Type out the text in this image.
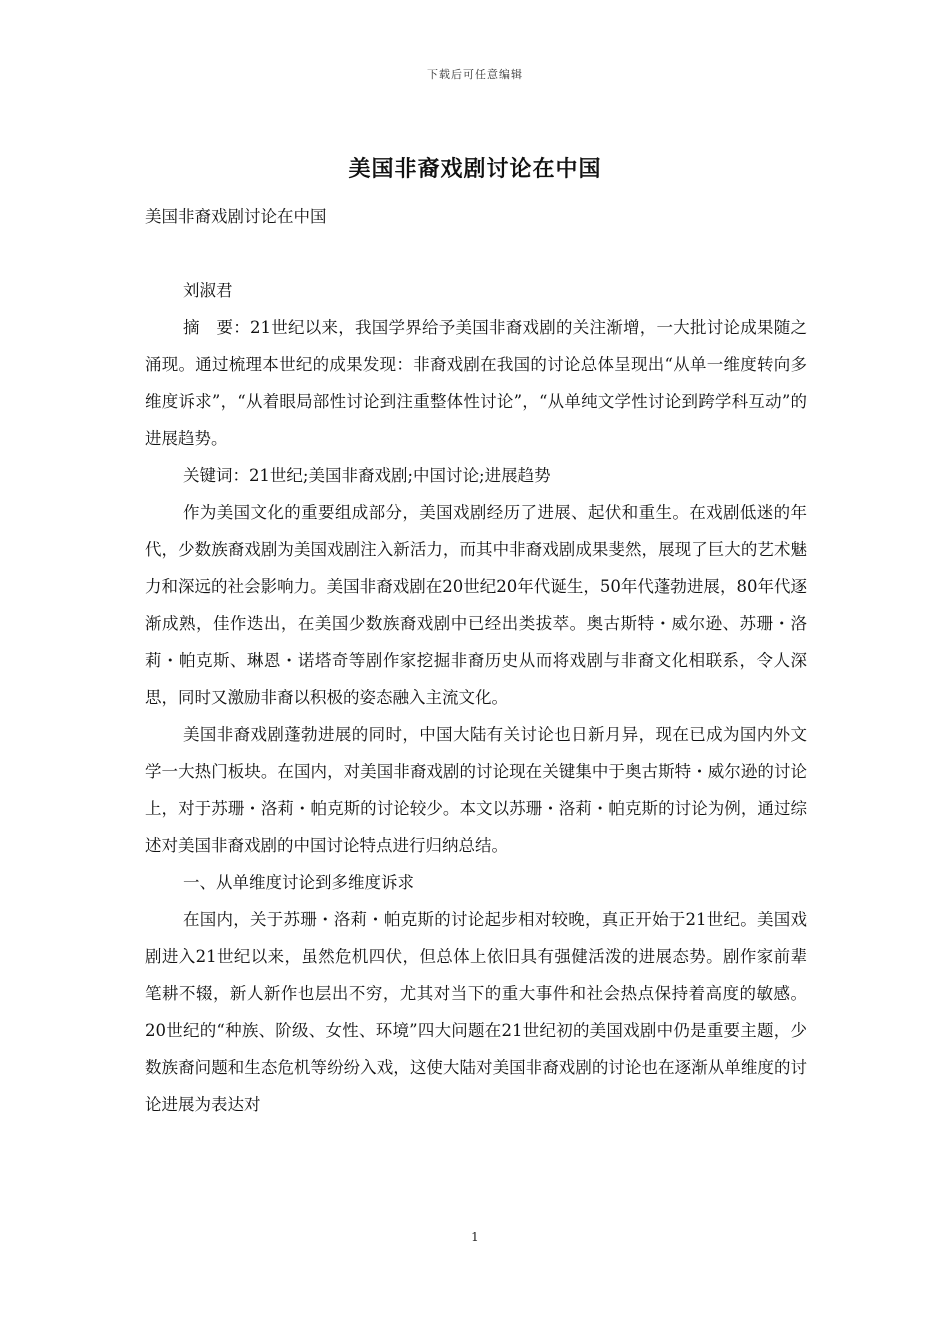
下载后可任意编辑
美国非裔戏剧讨论在中国

美国非裔戏剧讨论在中国

刘淑君

摘　要：21世纪以来，我国学界给予美国非裔戏剧的关注渐增，一大批讨论成果随之涌现。通过梳理本世纪的成果发现：非裔戏剧在我国的讨论总体呈现出“从单一维度转向多维度诉求”，“从着眼局部性讨论到注重整体性讨论”，“从单纯文学性讨论到跨学科互动”的进展趋势。

关键词：21世纪;美国非裔戏剧;中国讨论;进展趋势

作为美国文化的重要组成部分，美国戏剧经历了进展、起伏和重生。在戏剧低迷的年代，少数族裔戏剧为美国戏剧注入新活力，而其中非裔戏剧成果斐然，展现了巨大的艺术魅力和深远的社会影响力。美国非裔戏剧在20世纪20年代诞生，50年代蓬勃进展，80年代逐渐成熟，佳作迭出，在美国少数族裔戏剧中已经出类拔萃。奥古斯特・威尔逊、苏珊・洛莉・帕克斯、琳恩・诺塔奇等剧作家挖掘非裔历史从而将戏剧与非裔文化相联系，令人深思，同时又激励非裔以积极的姿态融入主流文化。

美国非裔戏剧蓬勃进展的同时，中国大陆有关讨论也日新月异，现在已成为国内外文学一大热门板块。在国内，对美国非裔戏剧的讨论现在关键集中于奥古斯特・威尔逊的讨论上，对于苏珊・洛莉・帕克斯的讨论较少。本文以苏珊・洛莉・帕克斯的讨论为例，通过综述对美国非裔戏剧的中国讨论特点进行归纳总结。

一、从单维度讨论到多维度诉求

在国内，关于苏珊・洛莉・帕克斯的讨论起步相对较晚，真正开始于21世纪。美国戏剧进入21世纪以来，虽然危机四伏，但总体上依旧具有强健活泼的进展态势。剧作家前辈笔耕不辍，新人新作也层出不穷，尤其对当下的重大事件和社会热点保持着高度的敏感。20世纪的“种族、阶级、女性、环境”四大问题在21世纪初的美国戏剧中仍是重要主题，少数族裔问题和生态危机等纷纷入戏，这使大陆对美国非裔戏剧的讨论也在逐渐从单维度的讨论进展为表达对

1
